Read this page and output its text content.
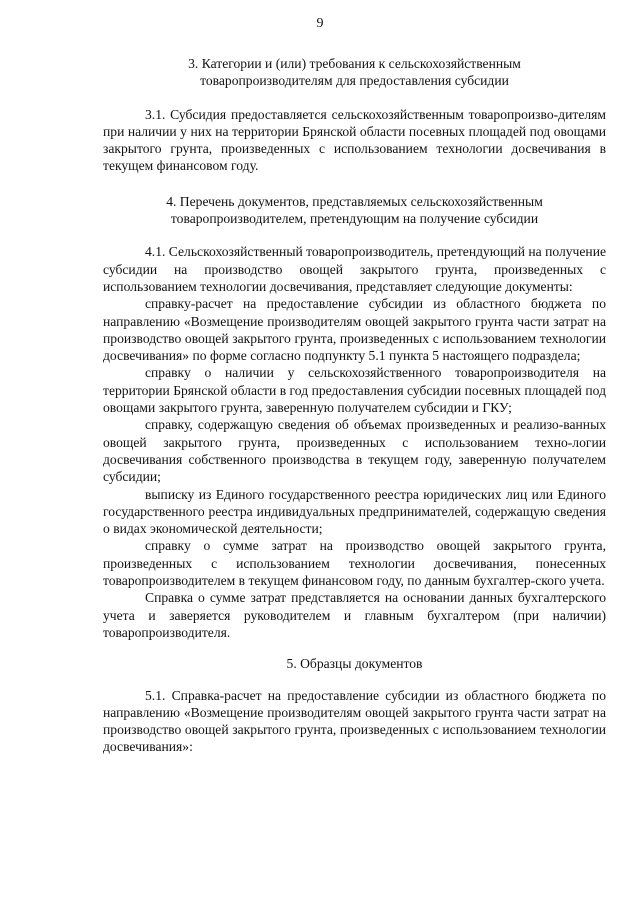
9
3. Категории и (или) требования к сельскохозяйственным
товаропроизводителям для предоставления субсидии

3.1. Субсидия предоставляется сельскохозяйственным товаропроизво-дителям при наличии у них на территории Брянской области посевных площадей под овощами закрытого грунта, произведенных с использованием технологии досвечивания в текущем финансовом году.

4. Перечень документов, представляемых сельскохозяйственным
товаропроизводителем, претендующим на получение субсидии

4.1. Сельскохозяйственный товаропроизводитель, претендующий на получение субсидии на производство овощей закрытого грунта, произведенных с использованием технологии досвечивания, представляет следующие документы:

справку-расчет на предоставление субсидии из областного бюджета по направлению «Возмещение производителям овощей закрытого грунта части затрат на производство овощей закрытого грунта, произведенных с использованием технологии досвечивания» по форме согласно подпункту 5.1 пункта 5 настоящего подраздела;

справку о наличии у сельскохозяйственного товаропроизводителя на территории Брянской области в год предоставления субсидии посевных площадей под овощами закрытого грунта, заверенную получателем субсидии и ГКУ;

справку, содержащую сведения об объемах произведенных и реализо-ванных овощей закрытого грунта, произведенных с использованием техно-логии досвечивания собственного производства в текущем году, заверенную получателем субсидии;

выписку из Единого государственного реестра юридических лиц или Единого государственного реестра индивидуальных предпринимателей, содержащую сведения о видах экономической деятельности;

справку о сумме затрат на производство овощей закрытого грунта, произведенных с использованием технологии досвечивания, понесенных товаропроизводителем в текущем финансовом году, по данным бухгалтер-ского учета.

Справка о сумме затрат представляется на основании данных бухгалтерского учета и заверяется руководителем и главным бухгалтером (при наличии) товаропроизводителя.

5. Образцы документов

5.1. Справка-расчет на предоставление субсидии из областного бюджета по направлению «Возмещение производителям овощей закрытого грунта части затрат на производство овощей закрытого грунта, произведенных с использованием технологии досвечивания»:
